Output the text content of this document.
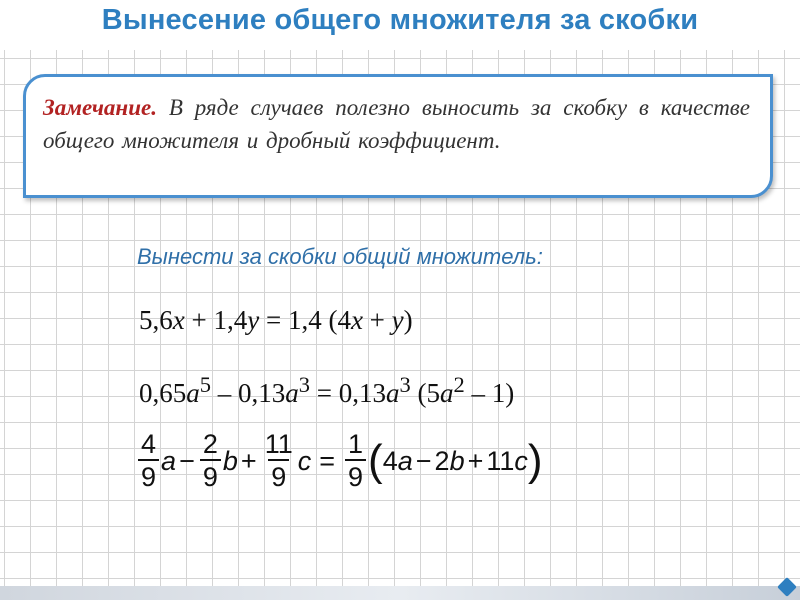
Вынесение общего множителя за скобки
Замечание. В ряде случаев полезно выносить за скобку в качестве общего множителя и дробный коэффициент.
Вынести за скобки общий множитель:
5,6x + 1,4y = 1,4 (4x + y)
$0,65a^5 - 0,13a^3 = 0,13a^3$ $(5a^2 - 1)$
$\frac{4}{9}$ $a - \frac{2}{9}$ $b + \frac{11}{9}$ $c = \frac{1}{9}$ ( 4 a − 2 b + 11 c )
